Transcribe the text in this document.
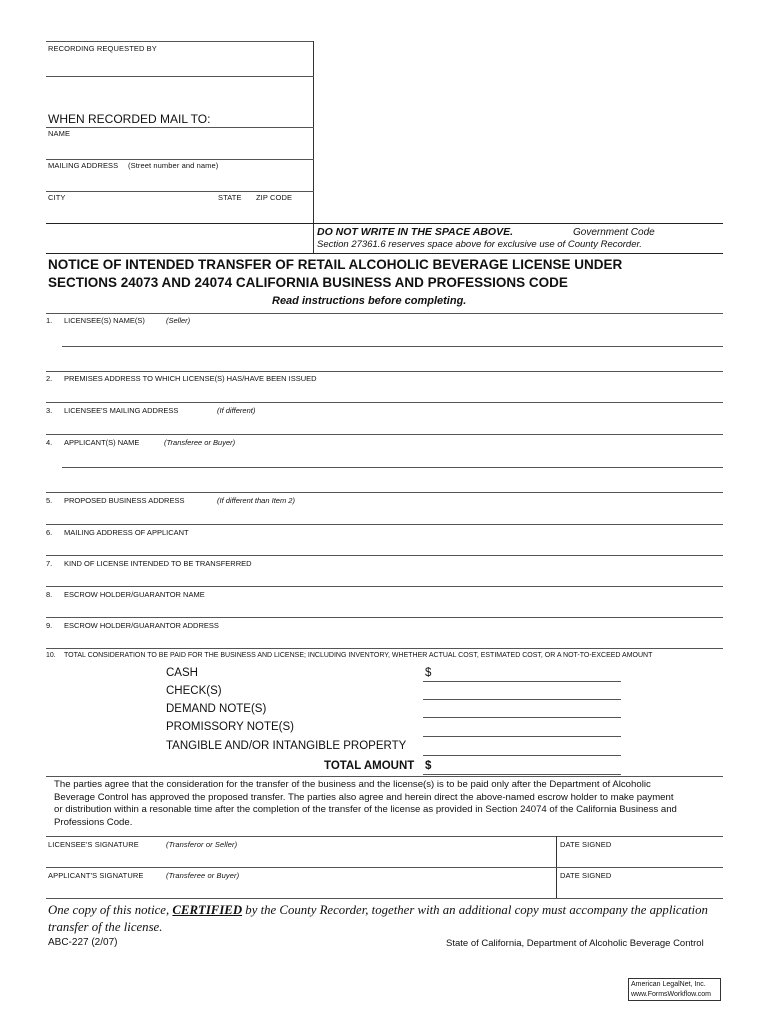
RECORDING REQUESTED BY
WHEN RECORDED MAIL TO:
NAME
MAILING ADDRESS (Street number and name)
CITY	STATE ZIP CODE
DO NOT WRITE IN THE SPACE ABOVE.	Government Code
Section 27361.6 reserves space above for exclusive use of County Recorder.
NOTICE OF INTENDED TRANSFER OF RETAIL ALCOHOLIC BEVERAGE LICENSE UNDER
SECTIONS 24073 AND 24074 CALIFORNIA BUSINESS AND PROFESSIONS CODE
Read instructions before completing.
1. LICENSEE(S) NAME(S)	(Seller)
2. PREMISES ADDRESS TO WHICH LICENSE(S) HAS/HAVE BEEN ISSUED
3. LICENSEE'S MAILING ADDRESS	(If different)
4. APPLICANT(S) NAME	(Transferee or Buyer)
5. PROPOSED BUSINESS ADDRESS	(If different than Item 2)
6. MAILING ADDRESS OF APPLICANT
7. KIND OF LICENSE INTENDED TO BE TRANSFERRED
8. ESCROW HOLDER/GUARANTOR NAME
9. ESCROW HOLDER/GUARANTOR ADDRESS
10. TOTAL CONSIDERATION TO BE PAID FOR THE BUSINESS AND LICENSE; INCLUDING INVENTORY, WHETHER ACTUAL COST, ESTIMATED COST, OR A NOT-TO-EXCEED AMOUNT
CASH	$
CHECK(S)
DEMAND NOTE(S)
PROMISSORY NOTE(S)
TANGIBLE AND/OR INTANGIBLE PROPERTY
TOTAL AMOUNT $
The parties agree that the consideration for the transfer of the business and the license(s) is to be paid only after the Department of Alcoholic
Beverage Control has approved the proposed transfer. The parties also agree and herein direct the above-named escrow holder to make payment
or distribution within a resonable time after the completion of the transfer of the license as provided in Section 24074 of the California Business and
Professions Code.
LICENSEE'S SIGNATURE	(Transferor or Seller)	DATE SIGNED
APPLICANT'S SIGNATURE	(Transferee or Buyer)	DATE SIGNED
One copy of this notice, CERTIFIED by the County Recorder, together with an additional copy must accompany the application
transfer of the license.
ABC-227 (2/07)	State of California, Department of Alcoholic Beverage Control
American LegalNet, Inc.
www.FormsWorkflow.com
